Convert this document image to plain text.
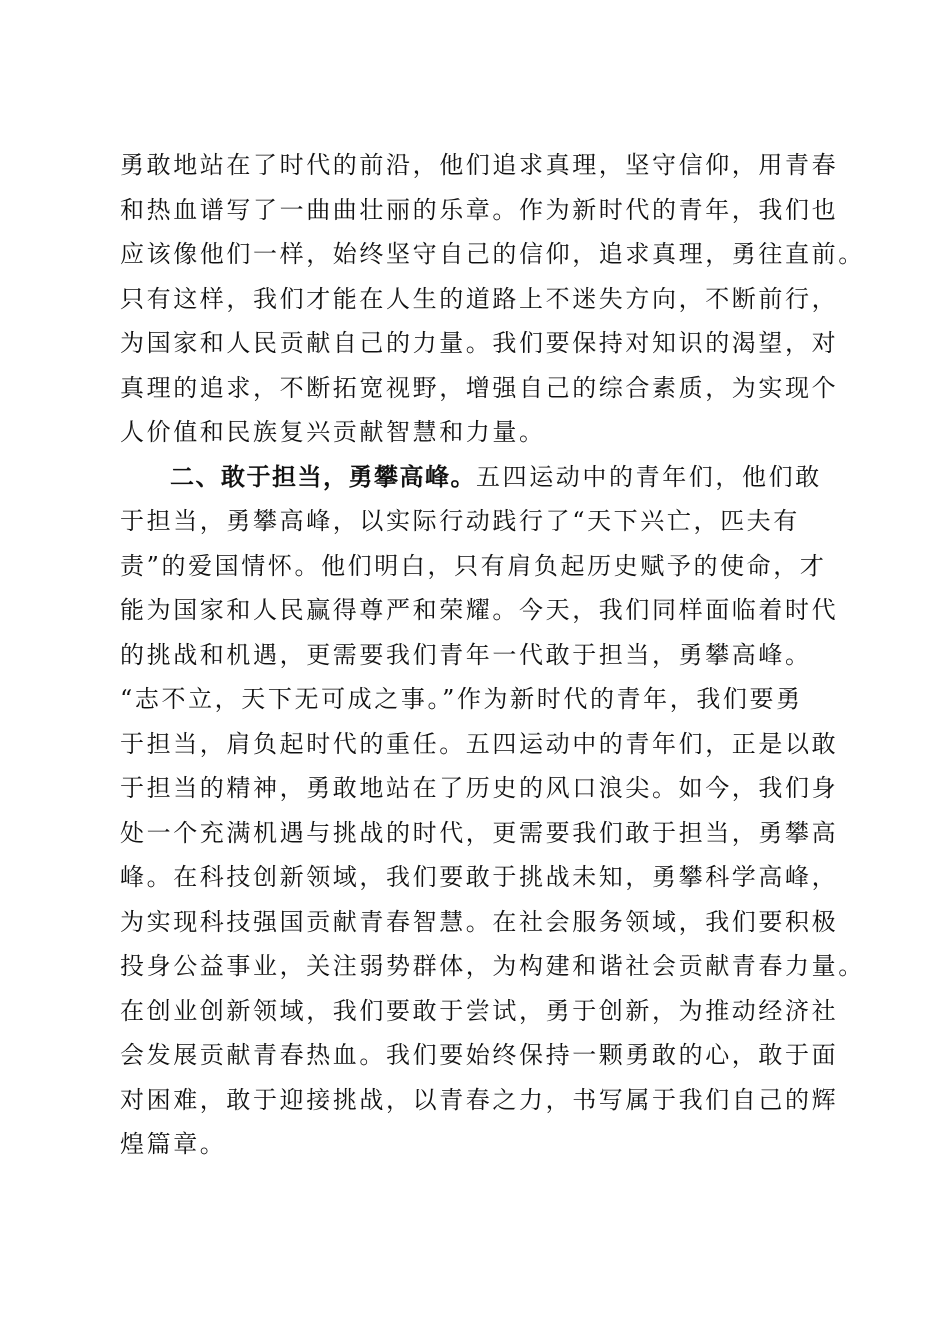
勇敢地站在了时代的前沿，他们追求真理，坚守信仰，用青春
和热血谱写了一曲曲壮丽的乐章。作为新时代的青年，我们也
应该像他们一样，始终坚守自己的信仰，追求真理，勇往直前。
只有这样，我们才能在人生的道路上不迷失方向，不断前行，
为国家和人民贡献自己的力量。我们要保持对知识的渴望，对
真理的追求，不断拓宽视野，增强自己的综合素质，为实现个
人价值和民族复兴贡献智慧和力量。
二、敢于担当，勇攀高峰。五四运动中的青年们，他们敢
于担当，勇攀高峰，以实际行动践行了“天下兴亡，匹夫有
责”的爱国情怀。他们明白，只有肩负起历史赋予的使命，才
能为国家和人民赢得尊严和荣耀。今天，我们同样面临着时代
的挑战和机遇，更需要我们青年一代敢于担当，勇攀高峰。
“志不立，天下无可成之事。”作为新时代的青年，我们要勇
于担当，肩负起时代的重任。五四运动中的青年们，正是以敢
于担当的精神，勇敢地站在了历史的风口浪尖。如今，我们身
处一个充满机遇与挑战的时代，更需要我们敢于担当，勇攀高
峰。在科技创新领域，我们要敢于挑战未知，勇攀科学高峰，
为实现科技强国贡献青春智慧。在社会服务领域，我们要积极
投身公益事业，关注弱势群体，为构建和谐社会贡献青春力量。
在创业创新领域，我们要敢于尝试，勇于创新，为推动经济社
会发展贡献青春热血。我们要始终保持一颗勇敢的心，敢于面
对困难，敢于迎接挑战，以青春之力，书写属于我们自己的辉
煌篇章。
